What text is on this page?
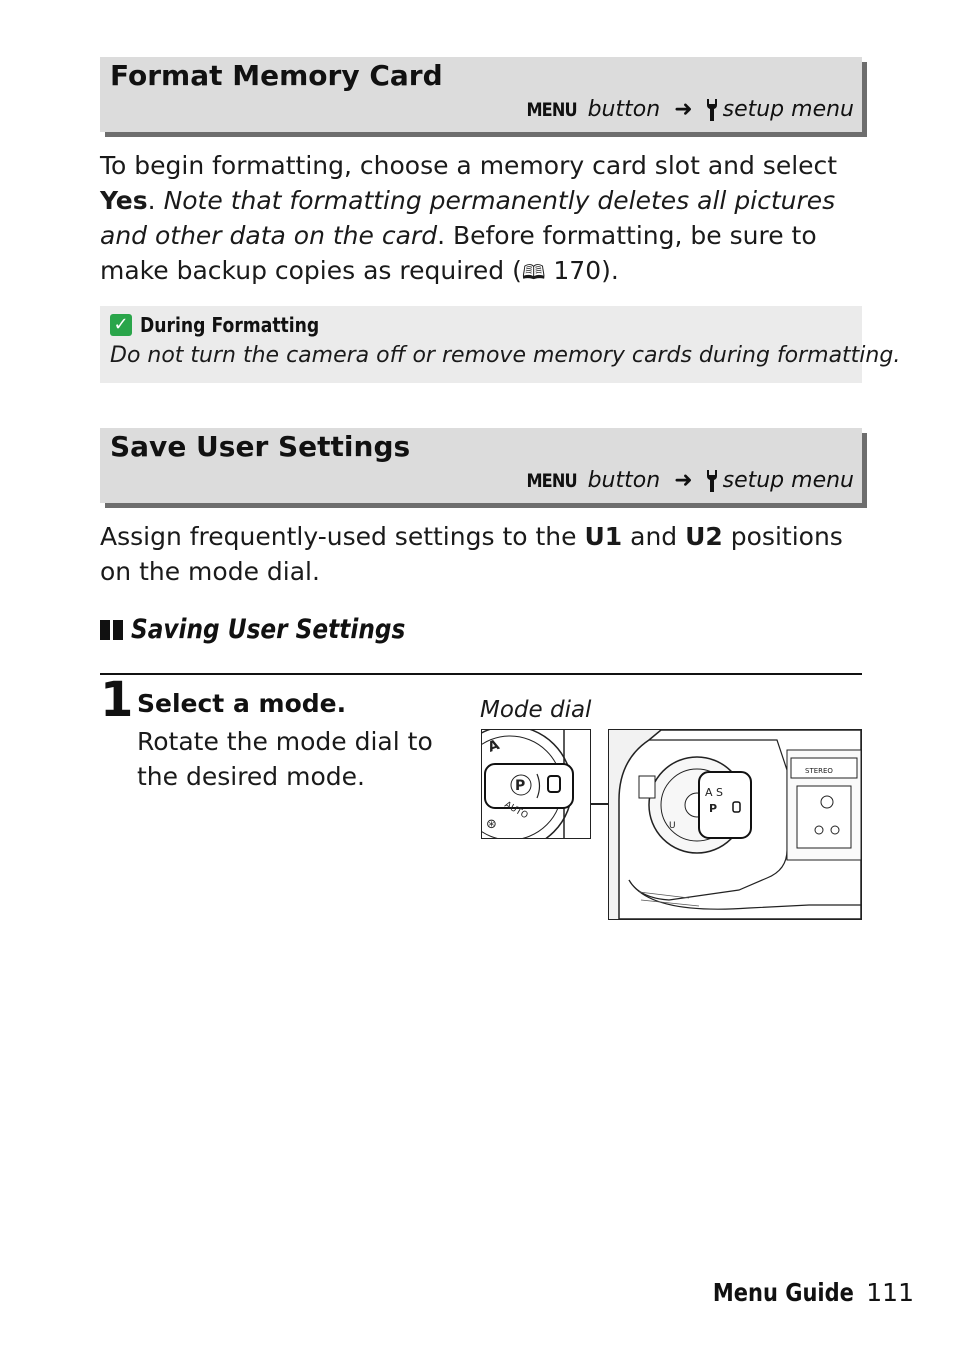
Format Memory Card
MENU button ➜ setup menu
To begin formatting, choose a memory card slot and select Yes. Note that formatting permanently deletes all pictures and other data on the card. Before formatting, be sure to make backup copies as required (🕮 170).
✓ During Formatting
Do not turn the camera off or remove memory cards during formatting.
Save User Settings
MENU button ➜ setup menu
Assign frequently-used settings to the U1 and U2 positions on the mode dial.
Saving User Settings
1 Select a mode.
Rotate the mode dial to the desired mode.
Mode dial
A
P
AUTO
⊛
A S
P
U
STEREO
Menu Guide 111
